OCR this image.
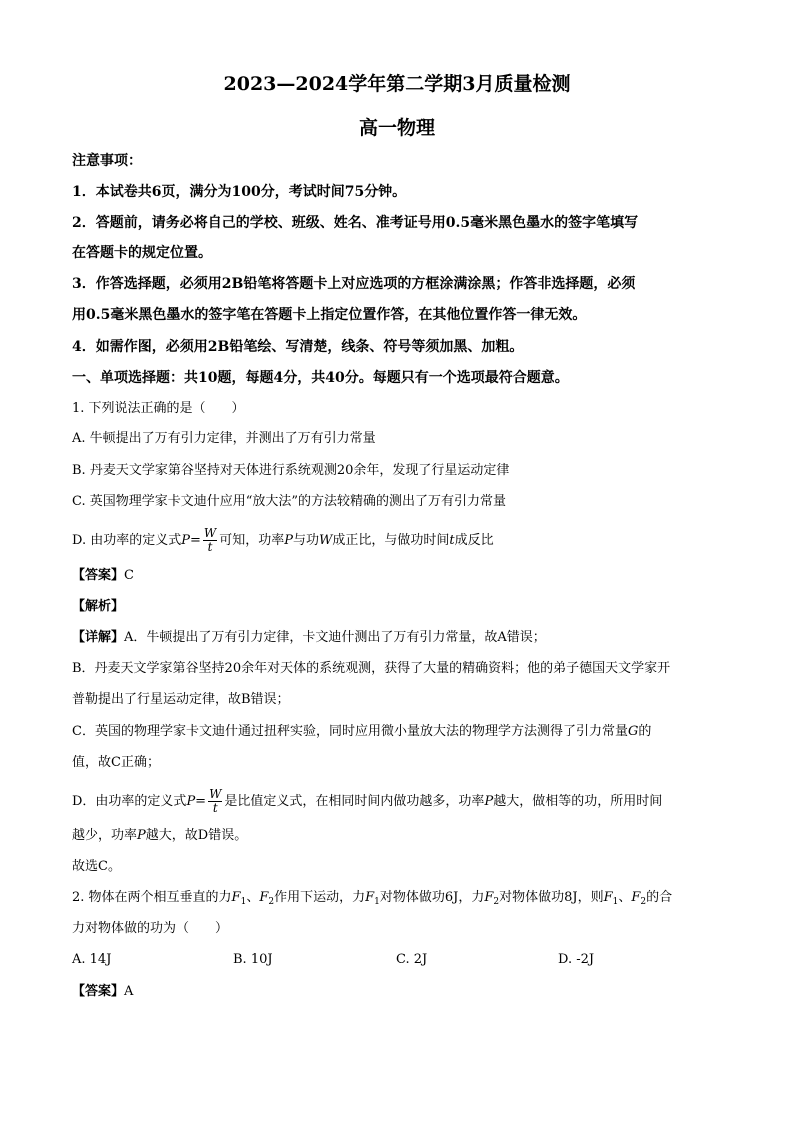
2023—2024学年第二学期3月质量检测
高一物理
注意事项：
1．本试卷共6页，满分为100分，考试时间75分钟。
2．答题前，请务必将自己的学校、班级、姓名、准考证号用0.5毫米黑色墨水的签字笔填写
在答题卡的规定位置。
3．作答选择题，必须用2B铅笔将答题卡上对应选项的方框涂满涂黑；作答非选择题，必须
用0.5毫米黑色墨水的签字笔在答题卡上指定位置作答，在其他位置作答一律无效。
4．如需作图，必须用2B铅笔绘、写清楚，线条、符号等须加黑、加粗。
一、单项选择题：共10题，每题4分，共40分。每题只有一个选项最符合题意。
1. 下列说法正确的是（　　）
A. 牛顿提出了万有引力定律，并测出了万有引力常量
B. 丹麦天文学家第谷坚持对天体进行系统观测20余年，发现了行星运动定律
C. 英国物理学家卡文迪什应用“放大法”的方法较精确的测出了万有引力常量
D. 由功率的定义式$P= \frac{W}{t}$ 可知，功率P与功W成正比，与做功时间t成反比
【答案】C
【解析】
【详解】A．牛顿提出了万有引力定律，卡文迪什测出了万有引力常量，故A错误；
B．丹麦天文学家第谷坚持20余年对天体的系统观测，获得了大量的精确资料；他的弟子德国天文学家开
普勒提出了行星运动定律，故B错误；
C．英国的物理学家卡文迪什通过扭秤实验，同时应用微小量放大法的物理学方法测得了引力常量G的
值，故C正确；
D．由功率的定义式$P= \frac{W}{t}$ 是比值定义式，在相同时间内做功越多，功率P越大，做相等的功，所用时间
越少，功率P越大，故D错误。
故选C。
2. 物体在两个相互垂直的力$F_1$、$F_2$作用下运动，力$F_1$对物体做功6J，力$F_2$对物体做功8J，则$F_1$、$F_2$的合
力对物体做的功为（　　）
A. 14J	B. 10J	C. 2J	D. -2J
【答案】A
